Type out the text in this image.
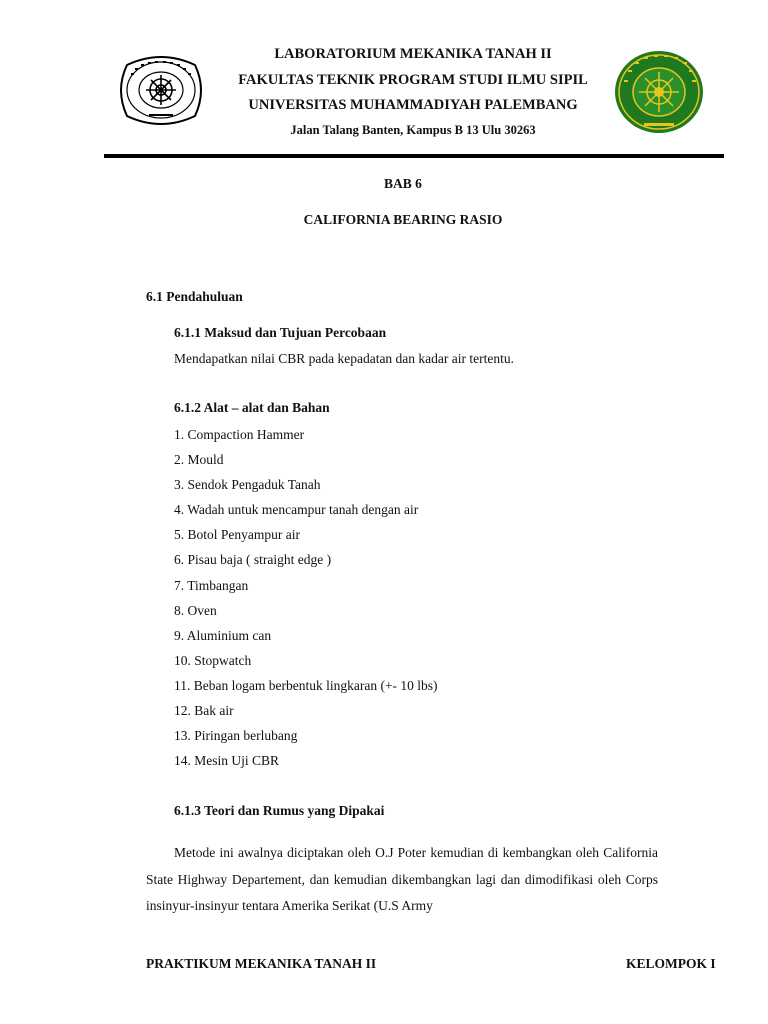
LABORATORIUM MEKANIKA TANAH II
FAKULTAS TEKNIK PROGRAM STUDI ILMU SIPIL
UNIVERSITAS MUHAMMADIYAH PALEMBANG
Jalan Talang Banten, Kampus B 13 Ulu 30263
BAB 6
CALIFORNIA BEARING RASIO
6.1 Pendahuluan
6.1.1 Maksud dan Tujuan Percobaan
Mendapatkan nilai CBR pada kepadatan dan kadar air tertentu.
6.1.2 Alat – alat dan Bahan
1. Compaction Hammer
2. Mould
3. Sendok Pengaduk Tanah
4. Wadah untuk mencampur tanah dengan air
5. Botol Penyampur air
6. Pisau baja ( straight edge )
7. Timbangan
8. Oven
9. Aluminium can
10. Stopwatch
11. Beban logam berbentuk lingkaran (+- 10 lbs)
12. Bak air
13. Piringan berlubang
14. Mesin Uji CBR
6.1.3 Teori dan Rumus yang Dipakai
Metode ini awalnya diciptakan oleh O.J Poter kemudian di kembangkan oleh California State Highway Departement, dan kemudian dikembangkan lagi dan dimodifikasi oleh Corps insinyur-insinyur tentara Amerika Serikat (U.S Army
PRAKTIKUM MEKANIKA TANAH II	KELOMPOK I
